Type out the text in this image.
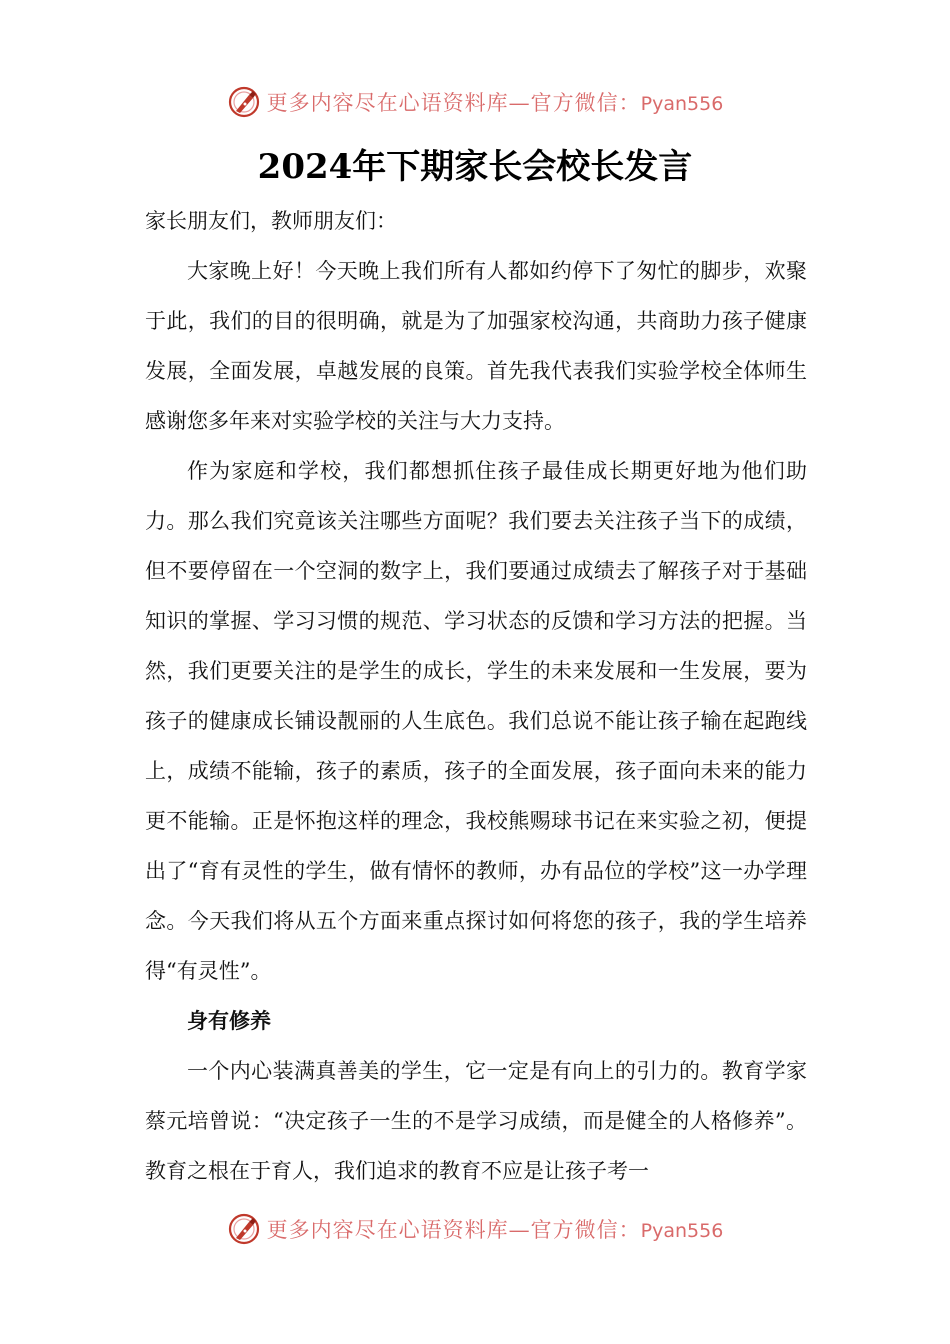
更多内容尽在心语资料库—官方微信：Pyan556
2024年下期家长会校长发言

家长朋友们，教师朋友们：

大家晚上好！今天晚上我们所有人都如约停下了匆忙的脚步，欢聚于此，我们的目的很明确，就是为了加强家校沟通，共商助力孩子健康发展，全面发展，卓越发展的良策。首先我代表我们实验学校全体师生感谢您多年来对实验学校的关注与大力支持。

作为家庭和学校，我们都想抓住孩子最佳成长期更好地为他们助力。那么我们究竟该关注哪些方面呢？我们要去关注孩子当下的成绩，但不要停留在一个空洞的数字上，我们要通过成绩去了解孩子对于基础知识的掌握、学习习惯的规范、学习状态的反馈和学习方法的把握。当然，我们更要关注的是学生的成长，学生的未来发展和一生发展，要为孩子的健康成长铺设靓丽的人生底色。我们总说不能让孩子输在起跑线上，成绩不能输，孩子的素质，孩子的全面发展，孩子面向未来的能力更不能输。正是怀抱这样的理念，我校熊赐球书记在来实验之初，便提出了“育有灵性的学生，做有情怀的教师，办有品位的学校”这一办学理念。今天我们将从五个方面来重点探讨如何将您的孩子，我的学生培养得“有灵性”。

身有修养

一个内心装满真善美的学生，它一定是有向上的引力的。教育学家蔡元培曾说：“决定孩子一生的不是学习成绩，而是健全的人格修养”。教育之根在于育人，我们追求的教育不应是让孩子考一

更多内容尽在心语资料库—官方微信：Pyan556
